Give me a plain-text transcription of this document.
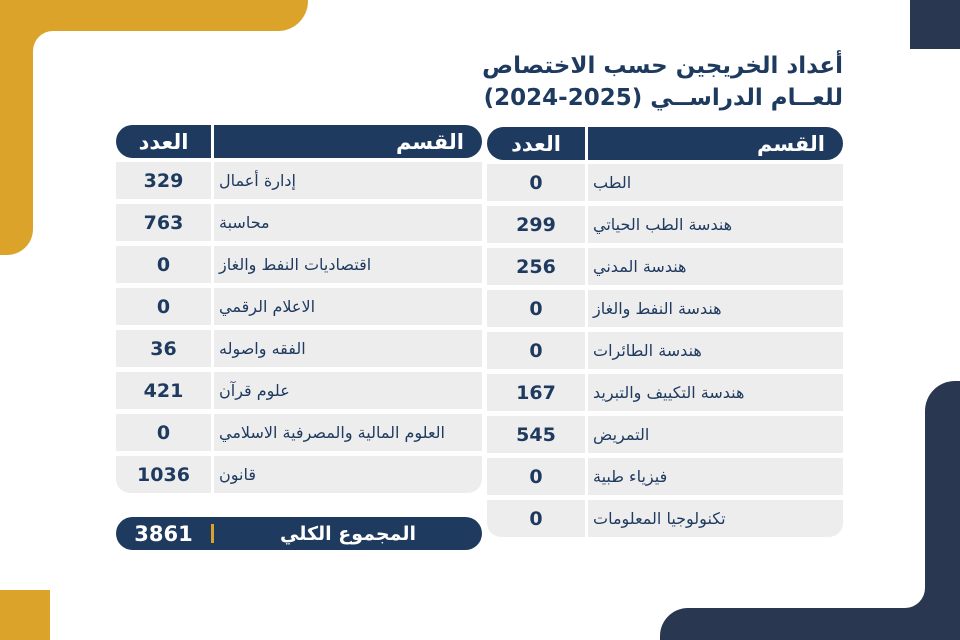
أعداد الخريجين حسب الاختصاص
للعــام الدراســي (2025-2024)
العدد	القسم
0	الطب
299	هندسة الطب الحياتي
256	هندسة المدني
0	هندسة النفط والغاز
0	هندسة الطائرات
167	هندسة التكييف والتبريد
545	التمريض
0	فيزياء طبية
0	تكنولوجيا المعلومات
العدد	القسم
329	إدارة أعمال
763	محاسبة
0	اقتصاديات النفط والغاز
0	الاعلام الرقمي
36	الفقه واصوله
421	علوم قرآن
0	العلوم المالية والمصرفية الاسلامي
1036	قانون
3861	المجموع الكلي
